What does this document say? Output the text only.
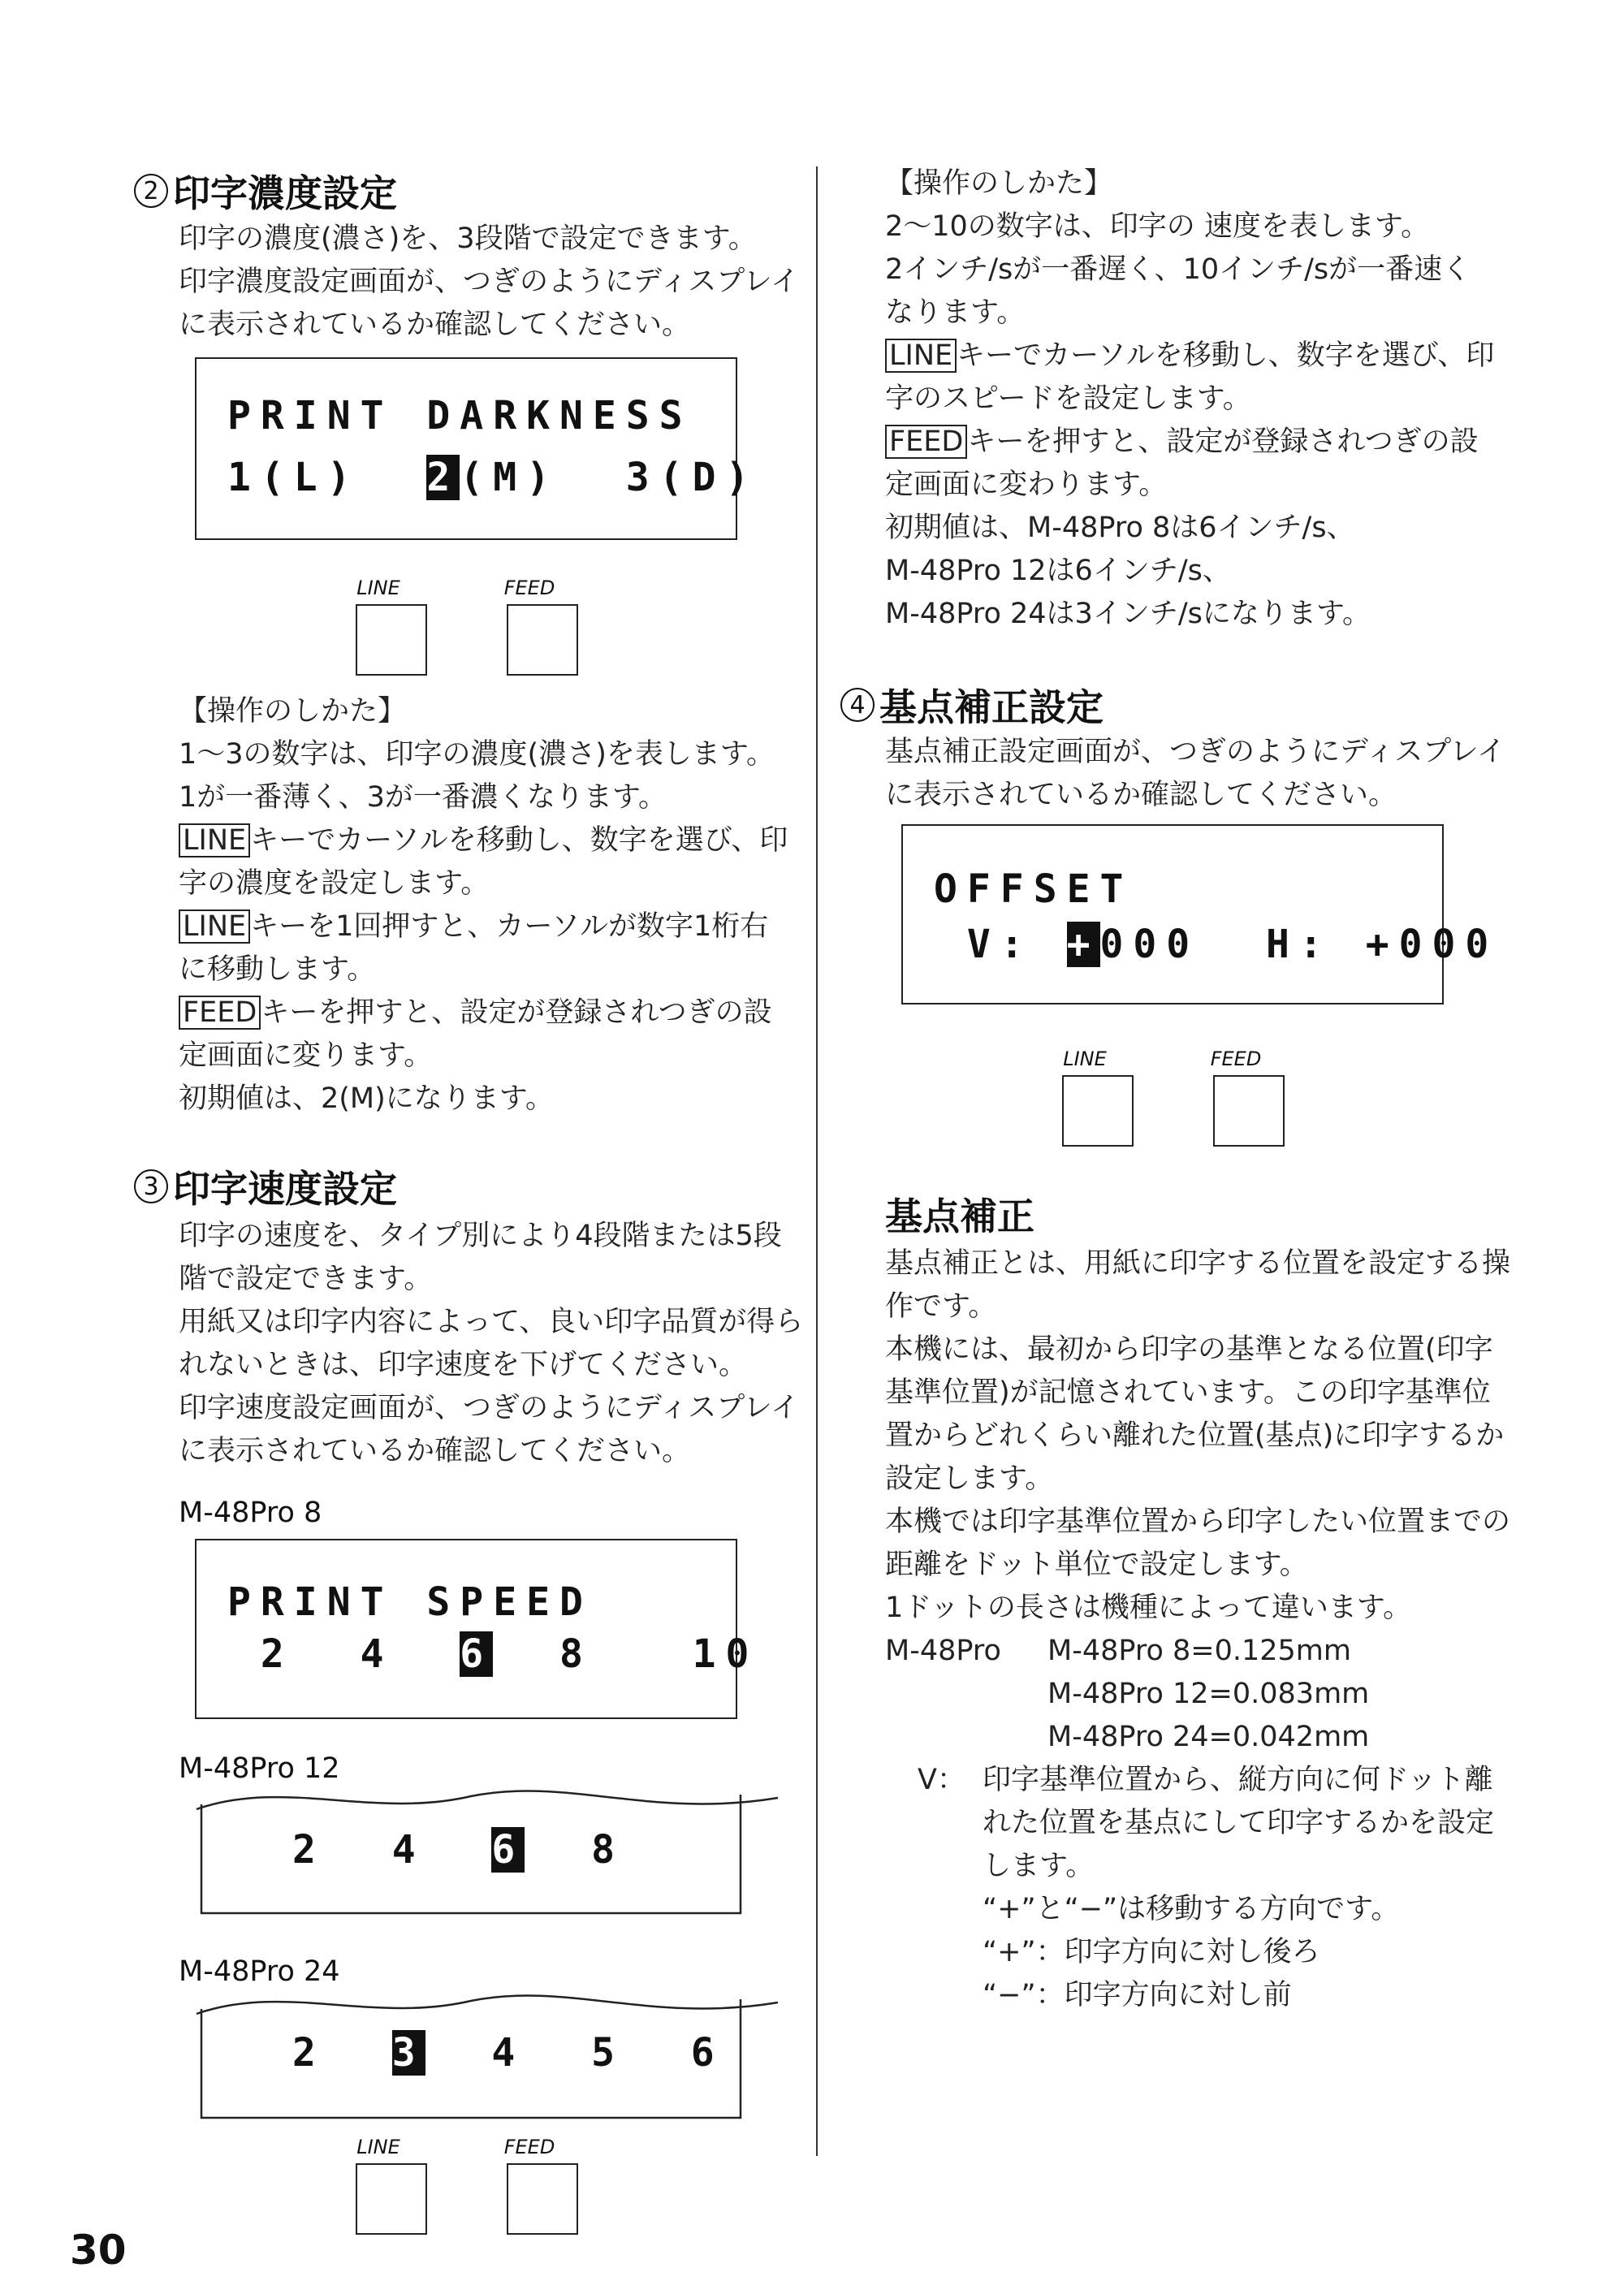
2 印字濃度設定

印字の濃度(濃さ)を、3段階で設定できます。

印字濃度設定画面が、つぎのようにディスプレイ

に表示されているか確認してください。

PRINT DARKNESS
1(L)  2(M)  3(D)
LINE	FEED

【操作のしかた】

1〜3の数字は、印字の濃度(濃さ)を表します。

1が一番薄く、3が一番濃くなります。

LINE キーでカーソルを移動し、数字を選び、印

字の濃度を設定します。

LINE キーを1回押すと、カーソルが数字1桁右

に移動します。

FEED キーを押すと、設定が登録されつぎの設

定画面に変ります。

初期値は、2(M)になります。

3 印字速度設定

印字の速度を、タイプ別により4段階または5段

階で設定できます。

用紙又は印字内容によって、良い印字品質が得ら

れないときは、印字速度を下げてください。

印字速度設定画面が、つぎのようにディスプレイ

に表示されているか確認してください。

M-48Pro 8
PRINT SPEED
2  4  6  8   10
M-48Pro 12
2  4  6  8
M-48Pro 24
2  3  4  5  6
LINE	FEED

【操作のしかた】

2〜10の数字は、印字の 速度を表します。

2インチ/sが一番遅く、10インチ/sが一番速く

なります。

LINE キーでカーソルを移動し、数字を選び、印

字のスピードを設定します。

FEED キーを押すと、設定が登録されつぎの設

定画面に変わります。

初期値は、M-48Pro 8は6インチ/s、

M-48Pro 12は6インチ/s、

M-48Pro 24は3インチ/sになります。

4 基点補正設定

基点補正設定画面が、つぎのようにディスプレイ

に表示されているか確認してください。

OFFSET
V: +000  H: +000
LINE	FEED
基点補正

基点補正とは、用紙に印字する位置を設定する操

作です。

本機には、最初から印字の基準となる位置(印字

基準位置)が記憶されています。この印字基準位

置からどれくらい離れた位置(基点)に印字するか

設定します。

本機では印字基準位置から印字したい位置までの

距離をドット単位で設定します。

1ドットの長さは機種によって違います。

M-48Pro M-48Pro 8=0.125mm

M-48Pro 12=0.083mm

M-48Pro 24=0.042mm

V： 印字基準位置から、縦方向に何ドット離

れた位置を基点にして印字するかを設定

します。

“+”と“−”は移動する方向です。

“+”：印字方向に対し後ろ

“−”：印字方向に対し前

30
